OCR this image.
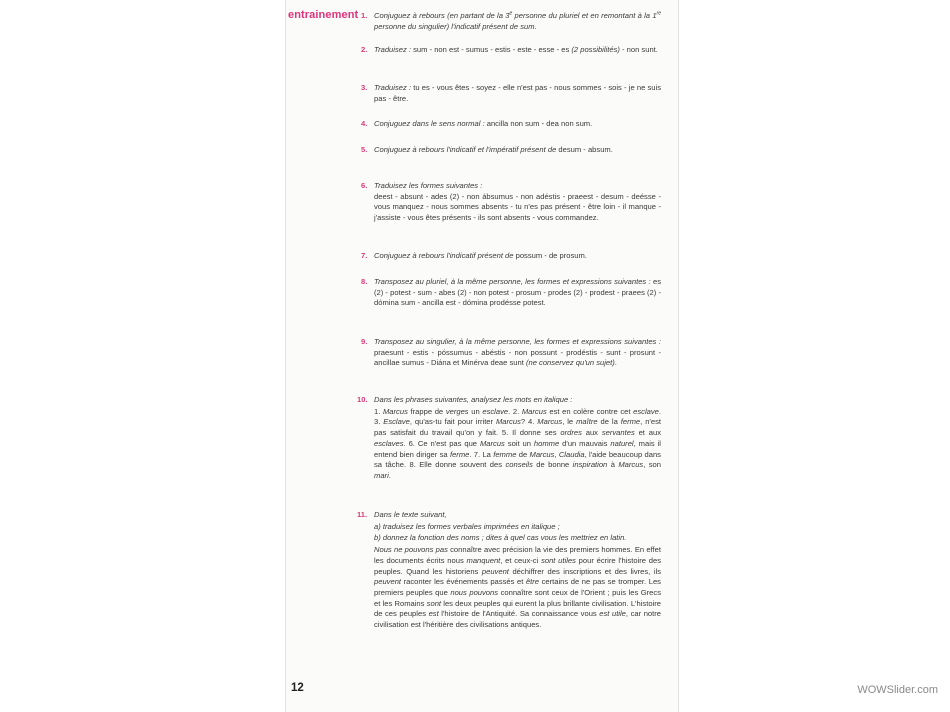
entrainement 1. Conjuguez à rebours (en partant de la 3e personne du pluriel et en remontant à la 1re personne du singulier) l'indicatif présent de sum.

2. Traduisez : sum - non est - sumus - estis - este - esse - es (2 possibilités) - non sunt.

3. Traduisez : tu es - vous êtes - soyez - elle n'est pas - nous sommes - sois - je ne suis pas - être.

4. Conjuguez dans le sens normal : ancilla non sum - dea non sum.

5. Conjuguez à rebours l'indicatif et l'impératif présent de desum - absum.

6. Traduisez les formes suivantes :

deest - absunt - ades (2) - non ábsumus - non adéstis - praeest - desum - deésse - vous manquez - nous sommes absents - tu n'es pas présent - être loin - il manque - j'assiste - vous êtes présents - ils sont absents - vous commandez.

7. Conjuguez à rebours l'indicatif présent de possum - de prosum.

8. Transposez au pluriel, à la même personne, les formes et expressions suivantes : es (2) - potest - sum - abes (2) - non potest - prosum - prodes (2) - prodest - praees (2) - dómina sum - ancilla est - dómina prodésse potest.

9. Transposez au singulier, à la même personne, les formes et expressions suivantes : praesunt - estis - póssumus - abéstis - non possunt - prodéstis - sunt - prosunt - ancillae sumus - Diána et Minérva deae sunt (ne conservez qu'un sujet).

10. Dans les phrases suivantes, analysez les mots en italique :

1. Marcus frappe de verges un esclave. 2. Marcus est en colère contre cet esclave. 3. Esclave, qu'as-tu fait pour irriter Marcus? 4. Marcus, le maître de la ferme, n'est pas satisfait du travail qu'on y fait. 5. Il donne ses ordres aux servantes et aux esclaves. 6. Ce n'est pas que Marcus soit un homme d'un mauvais naturel, mais il entend bien diriger sa ferme. 7. La femme de Marcus, Claudia, l'aide beaucoup dans sa tâche. 8. Elle donne souvent des conseils de bonne inspiration à Marcus, son mari.

11. Dans le texte suivant,

a) traduisez les formes verbales imprimées en italique ;

b) donnez la fonction des noms ; dites à quel cas vous les mettriez en latin.

Nous ne pouvons pas connaître avec précision la vie des premiers hommes. En effet les documents écrits nous manquent, et ceux-ci sont utiles pour écrire l'histoire des peuples. Quand les historiens peuvent déchiffrer des inscriptions et des livres, ils peuvent raconter les événements passés et être certains de ne pas se tromper. Les premiers peuples que nous pouvons connaître sont ceux de l'Orient ; puis les Grecs et les Romains sont les deux peuples qui eurent la plus brillante civilisation. L'histoire de ces peuples est l'histoire de l'Antiquité. Sa connaissance vous est utile, car notre civilisation est l'héritière des civilisations antiques.

12	WOWSlider.com
